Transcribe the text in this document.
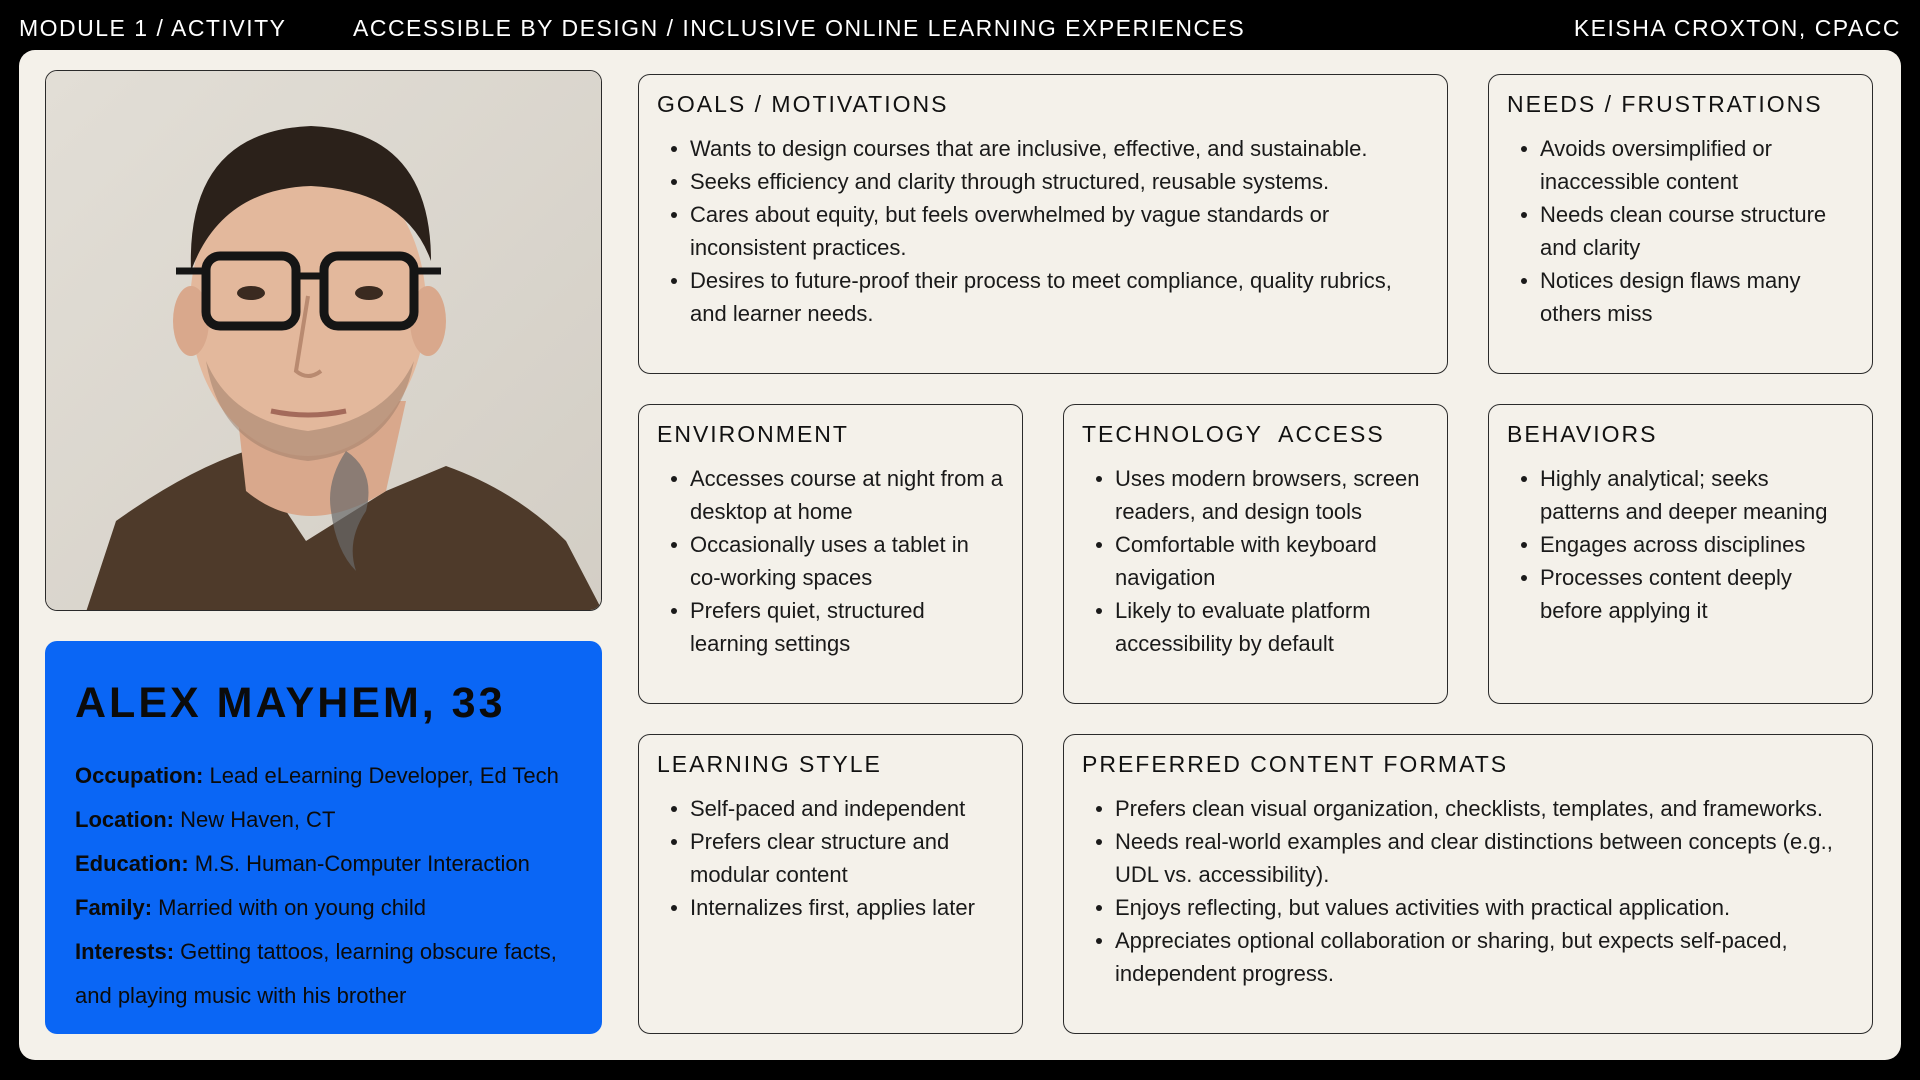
MODULE 1 / ACTIVITY	ACCESSIBLE BY DESIGN / INCLUSIVE ONLINE LEARNING EXPERIENCES	KEISHA CROXTON, CPACC
ALEX MAYHEM, 33
Occupation: Lead eLearning Developer, Ed Tech
Location: New Haven, CT
Education: M.S. Human-Computer Interaction
Family: Married with on young child
Interests: Getting tattoos, learning obscure facts, and playing music with his brother
GOALS / MOTIVATIONS
Wants to design courses that are inclusive, effective, and sustainable.
Seeks efficiency and clarity through structured, reusable systems.
Cares about equity, but feels overwhelmed by vague standards or inconsistent practices.
Desires to future-proof their process to meet compliance, quality rubrics, and learner needs.
NEEDS / FRUSTRATIONS
Avoids oversimplified or inaccessible content
Needs clean course structure and clarity
Notices design flaws many others miss
ENVIRONMENT
Accesses course at night from a desktop at home
Occasionally uses a tablet in co-working spaces
Prefers quiet, structured learning settings
TECHNOLOGY  ACCESS
Uses modern browsers, screen readers, and design tools
Comfortable with keyboard navigation
Likely to evaluate platform accessibility by default
BEHAVIORS
Highly analytical; seeks patterns and deeper meaning
Engages across disciplines
Processes content deeply before applying it
LEARNING STYLE
Self-paced and independent
Prefers clear structure and modular content
Internalizes first, applies later
PREFERRED CONTENT FORMATS
Prefers clean visual organization, checklists, templates, and frameworks.
Needs real-world examples and clear distinctions between concepts (e.g., UDL vs. accessibility).
Enjoys reflecting, but values activities with practical application.
Appreciates optional collaboration or sharing, but expects self-paced, independent progress.
